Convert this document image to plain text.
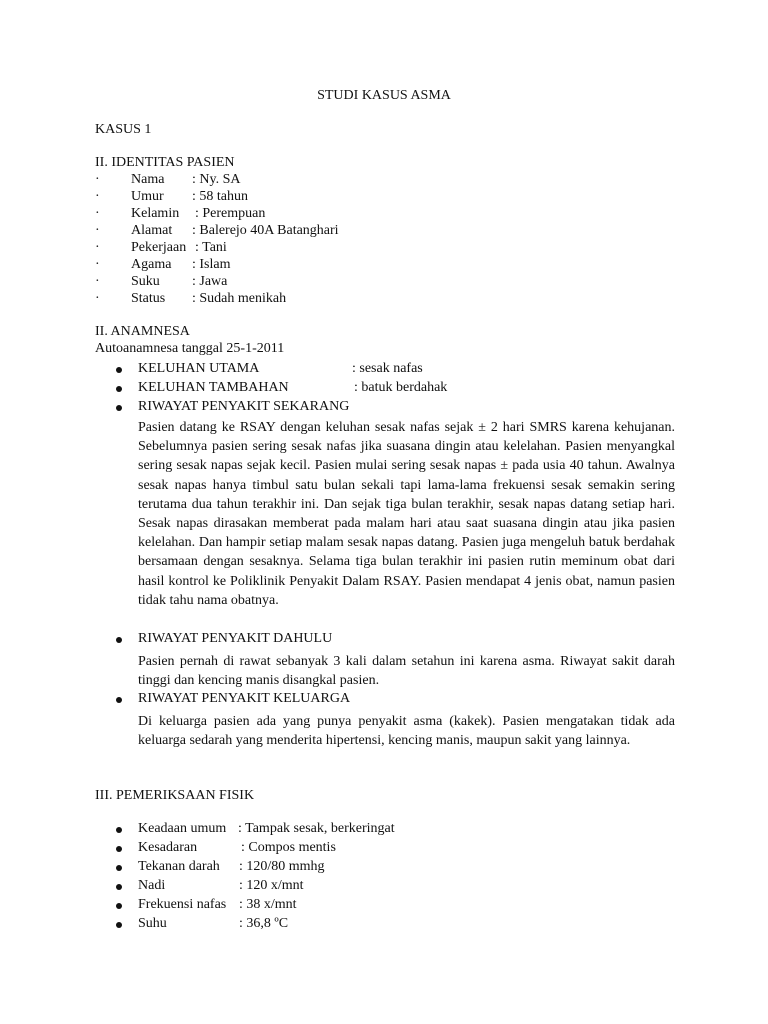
STUDI KASUS ASMA
KASUS 1
II. IDENTITAS PASIEN
· Nama : Ny. SA
· Umur : 58 tahun
· Kelamin : Perempuan
· Alamat : Balerejo 40A Batanghari
· Pekerjaan : Tani
· Agama : Islam
· Suku : Jawa
· Status : Sudah menikah
II. ANAMNESA
Autoanamnesa tanggal 25-1-2011
KELUHAN UTAMA	: sesak nafas
KELUHAN TAMBAHAN	: batuk berdahak
RIWAYAT PENYAKIT SEKARANG
Pasien datang ke RSAY dengan keluhan sesak nafas sejak ± 2 hari SMRS karena kehujanan. Sebelumnya pasien sering sesak nafas jika suasana dingin atau kelelahan. Pasien menyangkal sering sesak napas sejak kecil. Pasien mulai sering sesak napas ± pada usia 40 tahun. Awalnya sesak napas hanya timbul satu bulan sekali tapi lama-lama frekuensi sesak semakin sering terutama dua tahun terakhir ini. Dan sejak tiga bulan terakhir, sesak napas datang setiap hari. Sesak napas dirasakan memberat pada malam hari atau saat suasana dingin atau jika pasien kelelahan. Dan hampir setiap malam sesak napas datang. Pasien juga mengeluh batuk berdahak bersamaan dengan sesaknya. Selama tiga bulan terakhir ini pasien rutin meminum obat dari hasil kontrol ke Poliklinik Penyakit Dalam RSAY. Pasien mendapat 4 jenis obat, namun pasien tidak tahu nama obatnya.
RIWAYAT PENYAKIT DAHULU
Pasien pernah di rawat sebanyak 3 kali dalam setahun ini karena asma. Riwayat sakit darah tinggi dan kencing manis disangkal pasien.
RIWAYAT PENYAKIT KELUARGA
Di keluarga pasien ada yang punya penyakit asma (kakek). Pasien mengatakan tidak ada keluarga sedarah yang menderita hipertensi, kencing manis, maupun sakit yang lainnya.
III. PEMERIKSAAN FISIK
Keadaan umum : Tampak sesak, berkeringat
Kesadaran	: Compos mentis
Tekanan darah : 120/80 mmhg
Nadi	: 120 x/mnt
Frekuensi nafas : 38 x/mnt
Suhu	: 36,8 ºC
